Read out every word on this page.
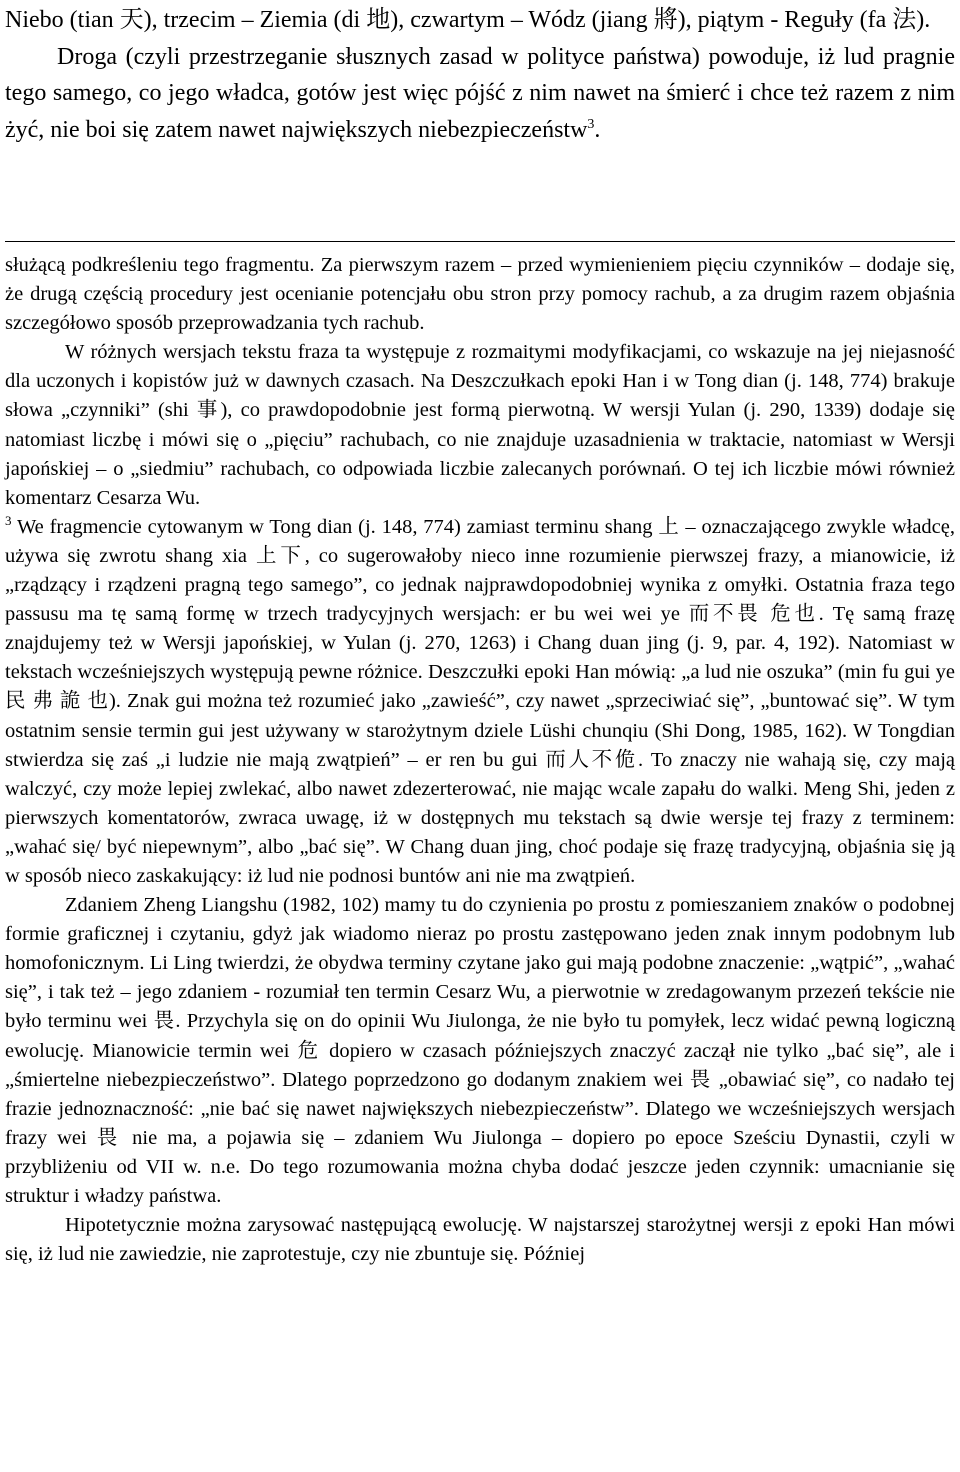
Niebo (tian 天), trzecim – Ziemia (di 地), czwartym – Wódz (jiang 將), piątym - Reguły (fa 法).

Droga (czyli przestrzeganie słusznych zasad w polityce państwa) powoduje, iż lud pragnie tego samego, co jego władca, gotów jest więc pójść z nim nawet na śmierć i chce też razem z nim żyć, nie boi się zatem nawet największych niebezpieczeństw$^3$.

służącą podkreśleniu tego fragmentu. Za pierwszym razem – przed wymienieniem pięciu czynników – dodaje się, że drugą częścią procedury jest ocenianie potencjału obu stron przy pomocy rachub, a za drugim razem objaśnia szczegółowo sposób przeprowadzania tych rachub.

W różnych wersjach tekstu fraza ta występuje z rozmaitymi modyfikacjami, co wskazuje na jej niejasność dla uczonych i kopistów już w dawnych czasach. Na Deszczułkach epoki Han i w Tong dian (j. 148, 774) brakuje słowa „czynniki” (shi 事), co prawdopodobnie jest formą pierwotną. W wersji Yulan (j. 290, 1339) dodaje się natomiast liczbę i mówi się o „pięciu” rachubach, co nie znajduje uzasadnienia w traktacie, natomiast w Wersji japońskiej – o „siedmiu” rachubach, co odpowiada liczbie zalecanych porównań. O tej ich liczbie mówi również komentarz Cesarza Wu.

$^3$ We fragmencie cytowanym w Tong dian (j. 148, 774) zamiast terminu shang 上 – oznaczającego zwykle władcę, używa się zwrotu shang xia 上下, co sugerowałoby nieco inne rozumienie pierwszej frazy, a mianowicie, iż „rządzący i rządzeni pragną tego samego”, co jednak najprawdopodobniej wynika z omyłki. Ostatnia fraza tego passusu ma tę samą formę w trzech tradycyjnych wersjach: er bu wei wei ye 而不畏 危也. Tę samą frazę znajdujemy też w Wersji japońskiej, w Yulan (j. 270, 1263) i Chang duan jing (j. 9, par. 4, 192). Natomiast w tekstach wcześniejszych występują pewne różnice. Deszczułki epoki Han mówią: „a lud nie oszuka” (min fu gui ye 民 弗 詭 也). Znak gui można też rozumieć jako „zawieść”, czy nawet „sprzeciwiać się”, „buntować się”. W tym ostatnim sensie termin gui jest używany w starożytnym dziele Lüshi chunqiu (Shi Dong, 1985, 162). W Tongdian stwierdza się zaś „i ludzie nie mają zwątpień” – er ren bu gui 而人不佹. To znaczy nie wahają się, czy mają walczyć, czy może lepiej zwlekać, albo nawet zdezerterować, nie mając wcale zapału do walki. Meng Shi, jeden z pierwszych komentatorów, zwraca uwagę, iż w dostępnych mu tekstach są dwie wersje tej frazy z terminem: „wahać się/ być niepewnym”, albo „bać się”. W Chang duan jing, choć podaje się frazę tradycyjną, objaśnia się ją w sposób nieco zaskakujący: iż lud nie podnosi buntów ani nie ma zwątpień.

Zdaniem Zheng Liangshu (1982, 102) mamy tu do czynienia po prostu z pomieszaniem znaków o podobnej formie graficznej i czytaniu, gdyż jak wiadomo nieraz po prostu zastępowano jeden znak innym podobnym lub homofonicznym. Li Ling twierdzi, że obydwa terminy czytane jako gui mają podobne znaczenie: „wątpić”, „wahać się”, i tak też – jego zdaniem - rozumiał ten termin Cesarz Wu, a pierwotnie w zredagowanym przezeń tekście nie było terminu wei 畏. Przychyla się on do opinii Wu Jiulonga, że nie było tu pomyłek, lecz widać pewną logiczną ewolucję. Mianowicie termin wei 危 dopiero w czasach późniejszych znaczyć zaczął nie tylko „bać się”, ale i „śmiertelne niebezpieczeństwo”. Dlatego poprzedzono go dodanym znakiem wei 畏 „obawiać się”, co nadało tej frazie jednoznaczność: „nie bać się nawet największych niebezpieczeństw”. Dlatego we wcześniejszych wersjach frazy wei 畏 nie ma, a pojawia się – zdaniem Wu Jiulonga – dopiero po epoce Sześciu Dynastii, czyli w przybliżeniu od VII w. n.e. Do tego rozumowania można chyba dodać jeszcze jeden czynnik: umacnianie się struktur i władzy państwa.

Hipotetycznie można zarysować następującą ewolucję. W najstarszej starożytnej wersji z epoki Han mówi się, iż lud nie zawiedzie, nie zaprotestuje, czy nie zbuntuje się. Później
